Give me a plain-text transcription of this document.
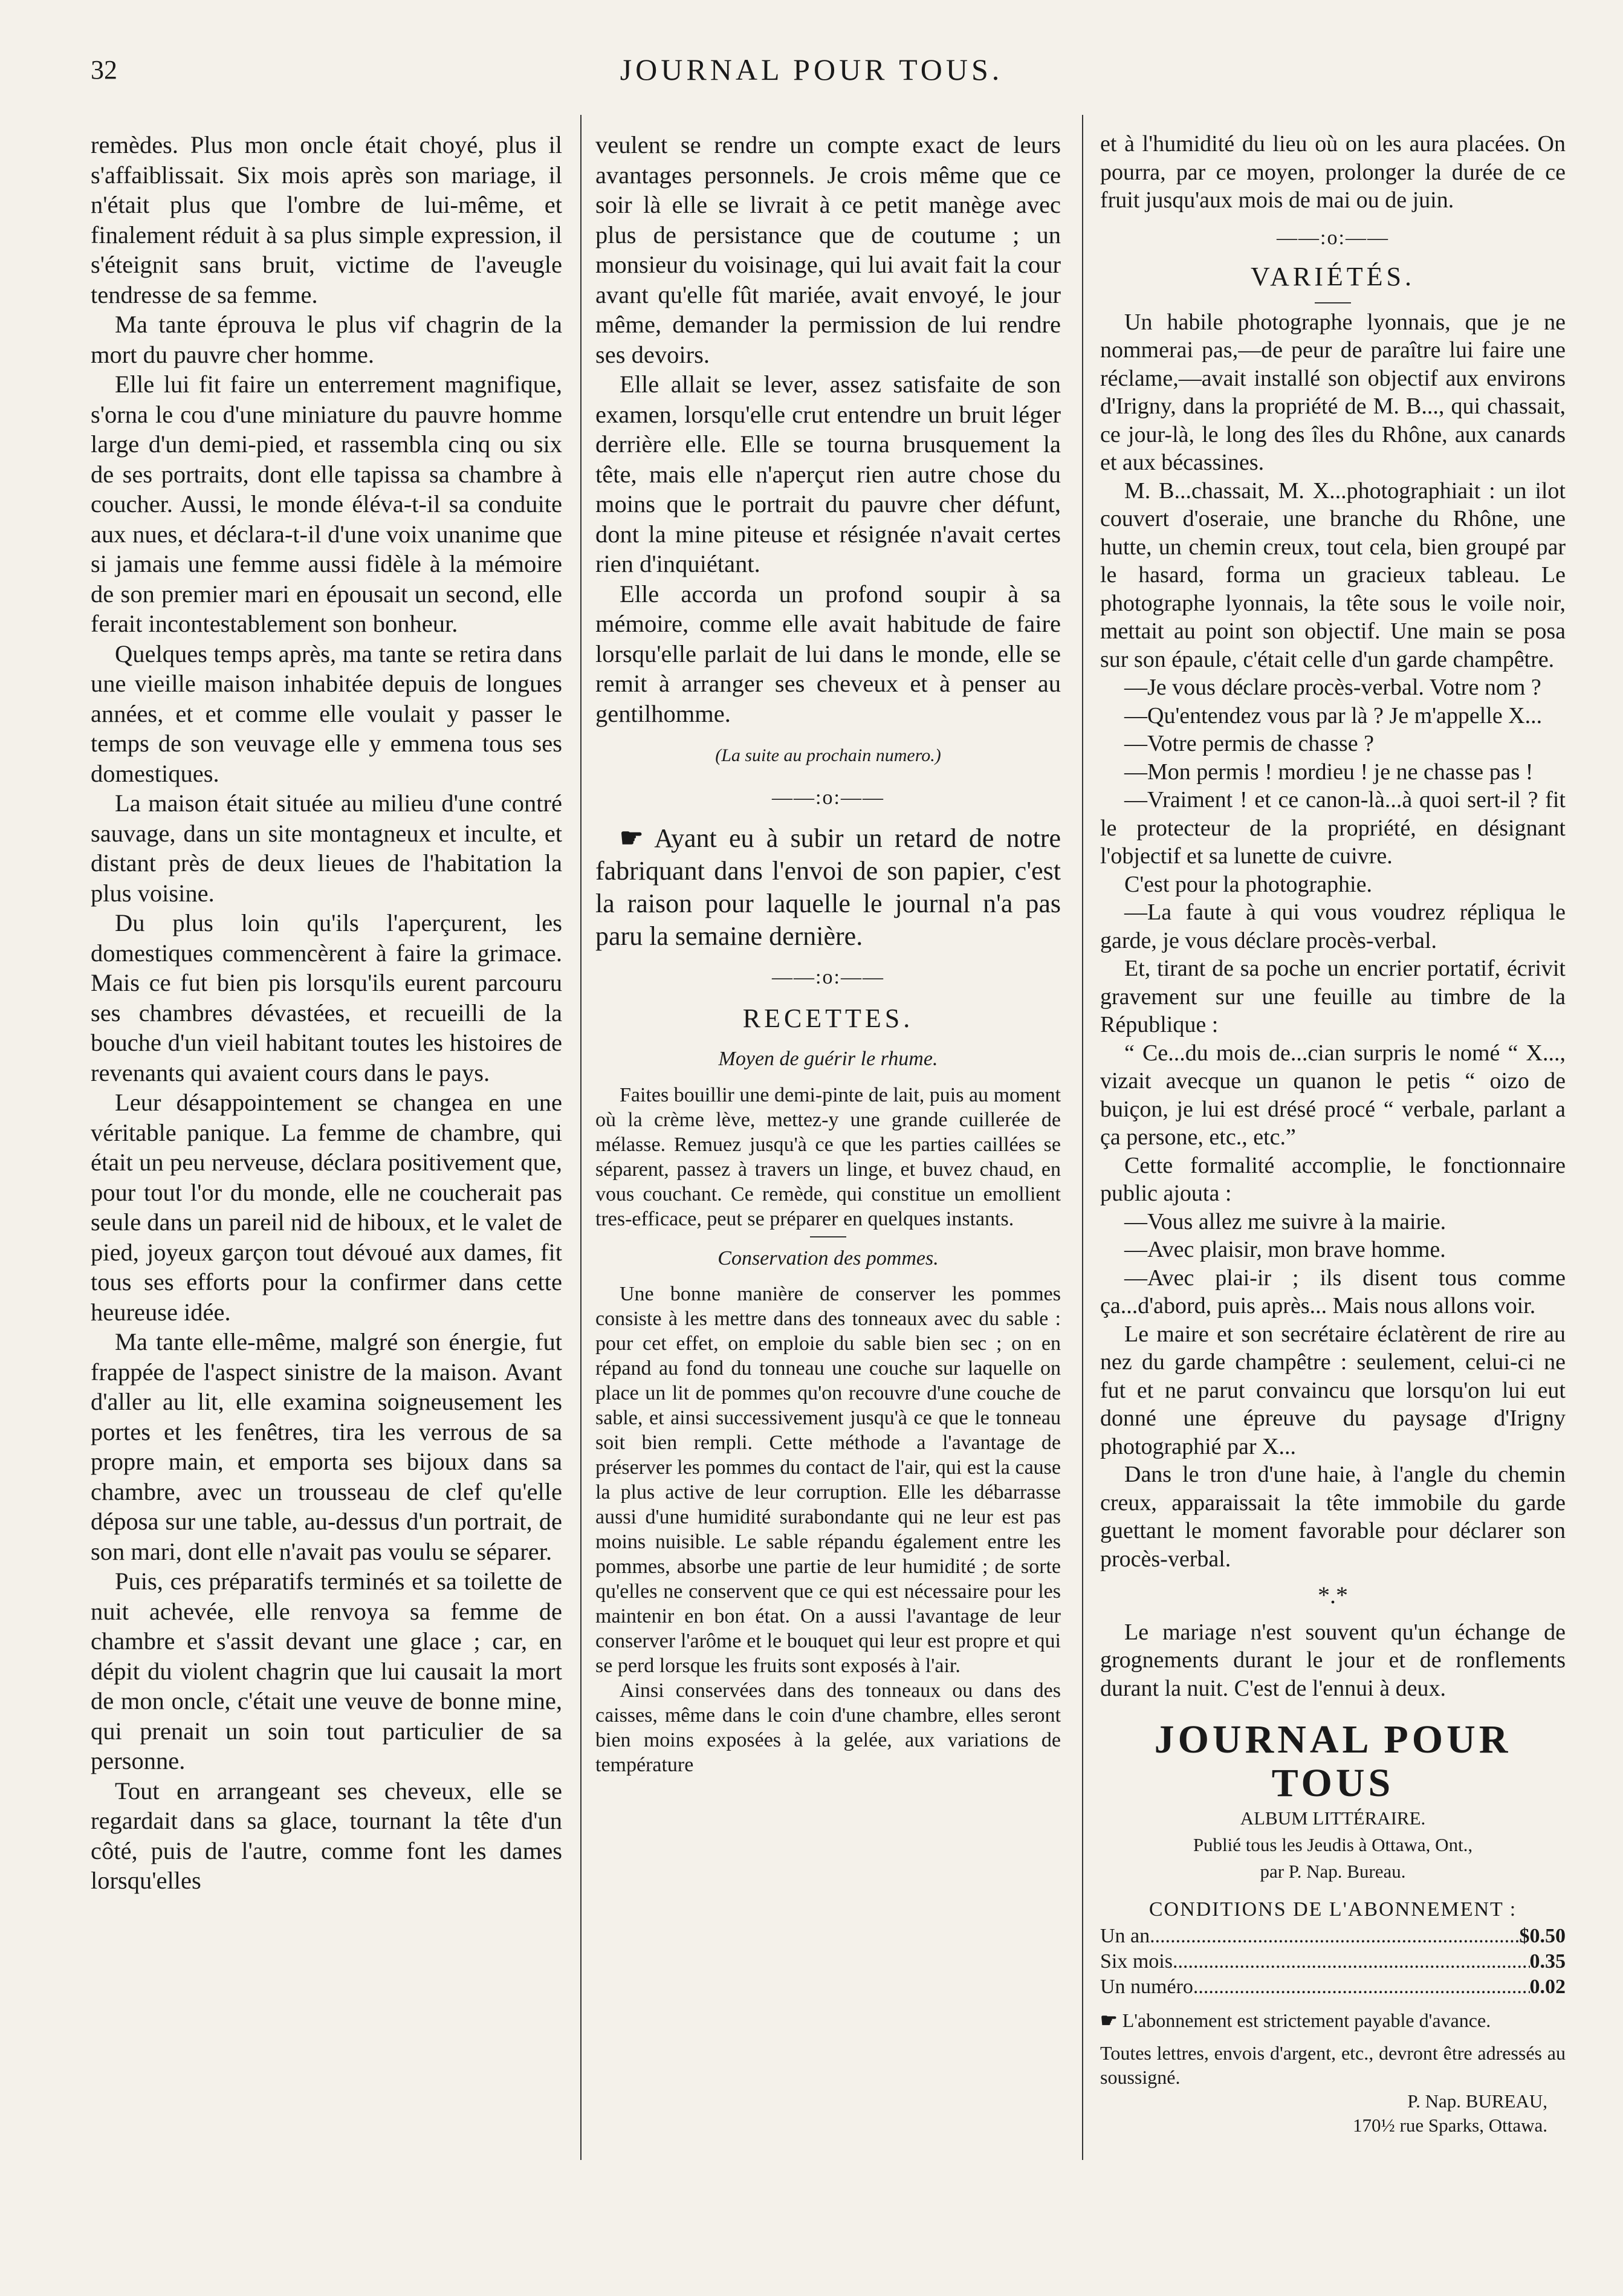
32	JOURNAL POUR TOUS.

remèdes. Plus mon oncle était choyé, plus il s'affaiblissait. Six mois après son mariage, il n'était plus que l'ombre de lui-même, et finalement réduit à sa plus simple expression, il s'éteignit sans bruit, victime de l'aveugle tendresse de sa femme.

Ma tante éprouva le plus vif chagrin de la mort du pauvre cher homme.

Elle lui fit faire un enterrement magnifique, s'orna le cou d'une miniature du pauvre homme large d'un demi-pied, et rassembla cinq ou six de ses portraits, dont elle tapissa sa chambre à coucher. Aussi, le monde éléva-t-il sa conduite aux nues, et déclara-t-il d'une voix unanime que si jamais une femme aussi fidèle à la mémoire de son premier mari en épousait un second, elle ferait incontestablement son bonheur.

Quelques temps après, ma tante se retira dans une vieille maison inhabitée depuis de longues années, et et comme elle voulait y passer le temps de son veuvage elle y emmena tous ses domestiques.

La maison était située au milieu d'une contré sauvage, dans un site montagneux et inculte, et distant près de deux lieues de l'habitation la plus voisine.

Du plus loin qu'ils l'aperçurent, les domestiques commencèrent à faire la grimace. Mais ce fut bien pis lorsqu'ils eurent parcouru ses chambres dévastées, et recueilli de la bouche d'un vieil habitant toutes les histoires de revenants qui avaient cours dans le pays.

Leur désappointement se changea en une véritable panique. La femme de chambre, qui était un peu nerveuse, déclara positivement que, pour tout l'or du monde, elle ne coucherait pas seule dans un pareil nid de hiboux, et le valet de pied, joyeux garçon tout dévoué aux dames, fit tous ses efforts pour la confirmer dans cette heureuse idée.

Ma tante elle-même, malgré son énergie, fut frappée de l'aspect sinistre de la maison. Avant d'aller au lit, elle examina soigneusement les portes et les fenêtres, tira les verrous de sa propre main, et emporta ses bijoux dans sa chambre, avec un trousseau de clef qu'elle déposa sur une table, au-dessus d'un portrait, de son mari, dont elle n'avait pas voulu se séparer.

Puis, ces préparatifs terminés et sa toilette de nuit achevée, elle renvoya sa femme de chambre et s'assit devant une glace ; car, en dépit du violent chagrin que lui causait la mort de mon oncle, c'était une veuve de bonne mine, qui prenait un soin tout particulier de sa personne.

Tout en arrangeant ses cheveux, elle se regardait dans sa glace, tournant la tête d'un côté, puis de l'autre, comme font les dames lorsqu'elles

veulent se rendre un compte exact de leurs avantages personnels. Je crois même que ce soir là elle se livrait à ce petit manège avec plus de persistance que de coutume ; un monsieur du voisinage, qui lui avait fait la cour avant qu'elle fût mariée, avait envoyé, le jour même, demander la permission de lui rendre ses devoirs.

Elle allait se lever, assez satisfaite de son examen, lorsqu'elle crut entendre un bruit léger derrière elle. Elle se tourna brusquement la tête, mais elle n'aperçut rien autre chose du moins que le portrait du pauvre cher défunt, dont la mine piteuse et résignée n'avait certes rien d'inquiétant.

Elle accorda un profond soupir à sa mémoire, comme elle avait habitude de faire lorsqu'elle parlait de lui dans le monde, elle se remit à arranger ses cheveux et à penser au gentilhomme.

(La suite au prochain numero.)
——:o:——

☛ Ayant eu à subir un retard de notre fabriquant dans l'envoi de son papier, c'est la raison pour laquelle le journal n'a pas paru la semaine dernière.

——:o:——
RECETTES.
Moyen de guérir le rhume.

Faites bouillir une demi-pinte de lait, puis au moment où la crème lève, mettez-y une grande cuillerée de mélasse. Remuez jusqu'à ce que les parties caillées se séparent, passez à travers un linge, et buvez chaud, en vous couchant. Ce remède, qui constitue un emollient tres-efficace, peut se préparer en quelques instants.

Conservation des pommes.

Une bonne manière de conserver les pommes consiste à les mettre dans des tonneaux avec du sable : pour cet effet, on emploie du sable bien sec ; on en répand au fond du tonneau une couche sur laquelle on place un lit de pommes qu'on recouvre d'une couche de sable, et ainsi successivement jusqu'à ce que le tonneau soit bien rempli. Cette méthode a l'avantage de préserver les pommes du contact de l'air, qui est la cause la plus active de leur corruption. Elle les débarrasse aussi d'une humidité surabondante qui ne leur est pas moins nuisible. Le sable répandu également entre les pommes, absorbe une partie de leur humidité ; de sorte qu'elles ne conservent que ce qui est nécessaire pour les maintenir en bon état. On a aussi l'avantage de leur conserver l'arôme et le bouquet qui leur est propre et qui se perd lorsque les fruits sont exposés à l'air.

Ainsi conservées dans des tonneaux ou dans des caisses, même dans le coin d'une chambre, elles seront bien moins exposées à la gelée, aux variations de température

et à l'humidité du lieu où on les aura placées. On pourra, par ce moyen, prolonger la durée de ce fruit jusqu'aux mois de mai ou de juin.

——:o:——
VARIÉTÉS.

Un habile photographe lyonnais, que je ne nommerai pas,—de peur de paraître lui faire une réclame,—avait installé son objectif aux environs d'Irigny, dans la propriété de M. B..., qui chassait, ce jour-là, le long des îles du Rhône, aux canards et aux bécassines.

M. B...chassait, M. X...photographiait : un ilot couvert d'oseraie, une branche du Rhône, une hutte, un chemin creux, tout cela, bien groupé par le hasard, forma un gracieux tableau. Le photographe lyonnais, la tête sous le voile noir, mettait au point son objectif. Une main se posa sur son épaule, c'était celle d'un garde champêtre.

—Je vous déclare procès-verbal. Votre nom ?

—Qu'entendez vous par là ? Je m'appelle X...

—Votre permis de chasse ?

—Mon permis ! mordieu ! je ne chasse pas !

—Vraiment ! et ce canon-là...à quoi sert-il ? fit le protecteur de la propriété, en désignant l'objectif et sa lunette de cuivre.

C'est pour la photographie.

—La faute à qui vous voudrez répliqua le garde, je vous déclare procès-verbal.

Et, tirant de sa poche un encrier portatif, écrivit gravement sur une feuille au timbre de la République :

“ Ce...du mois de...cian surpris le nomé “ X..., vizait avecque un quanon le petis “ oizo de buiçon, je lui est drésé procé “ verbale, parlant a ça persone, etc., etc.”

Cette formalité accomplie, le fonctionnaire public ajouta :

—Vous allez me suivre à la mairie.

—Avec plaisir, mon brave homme.

—Avec plai-ir ; ils disent tous comme ça...d'abord, puis après... Mais nous allons voir.

Le maire et son secrétaire éclatèrent de rire au nez du garde champêtre : seulement, celui-ci ne fut et ne parut convaincu que lorsqu'on lui eut donné une épreuve du paysage d'Irigny photographié par X...

Dans le tron d'une haie, à l'angle du chemin creux, apparaissait la tête immobile du garde guettant le moment favorable pour déclarer son procès-verbal.

*.*

Le mariage n'est souvent qu'un échange de grognements durant le jour et de ronflements durant la nuit. C'est de l'ennui à deux.

JOURNAL POUR TOUS
ALBUM LITTÉRAIRE.
Publié tous les Jeudis à Ottawa, Ont.,
par P. Nap. Bureau.
CONDITIONS DE L'ABONNEMENT :
Un an .....	$0.50
Six mois .....	0.35
Un numéro .....	0.02
☛ L'abonnement est strictement payable d'avance.
Toutes lettres, envois d'argent, etc., devront être adressés au soussigné.
P. Nap. BUREAU,
170½ rue Sparks, Ottawa.
